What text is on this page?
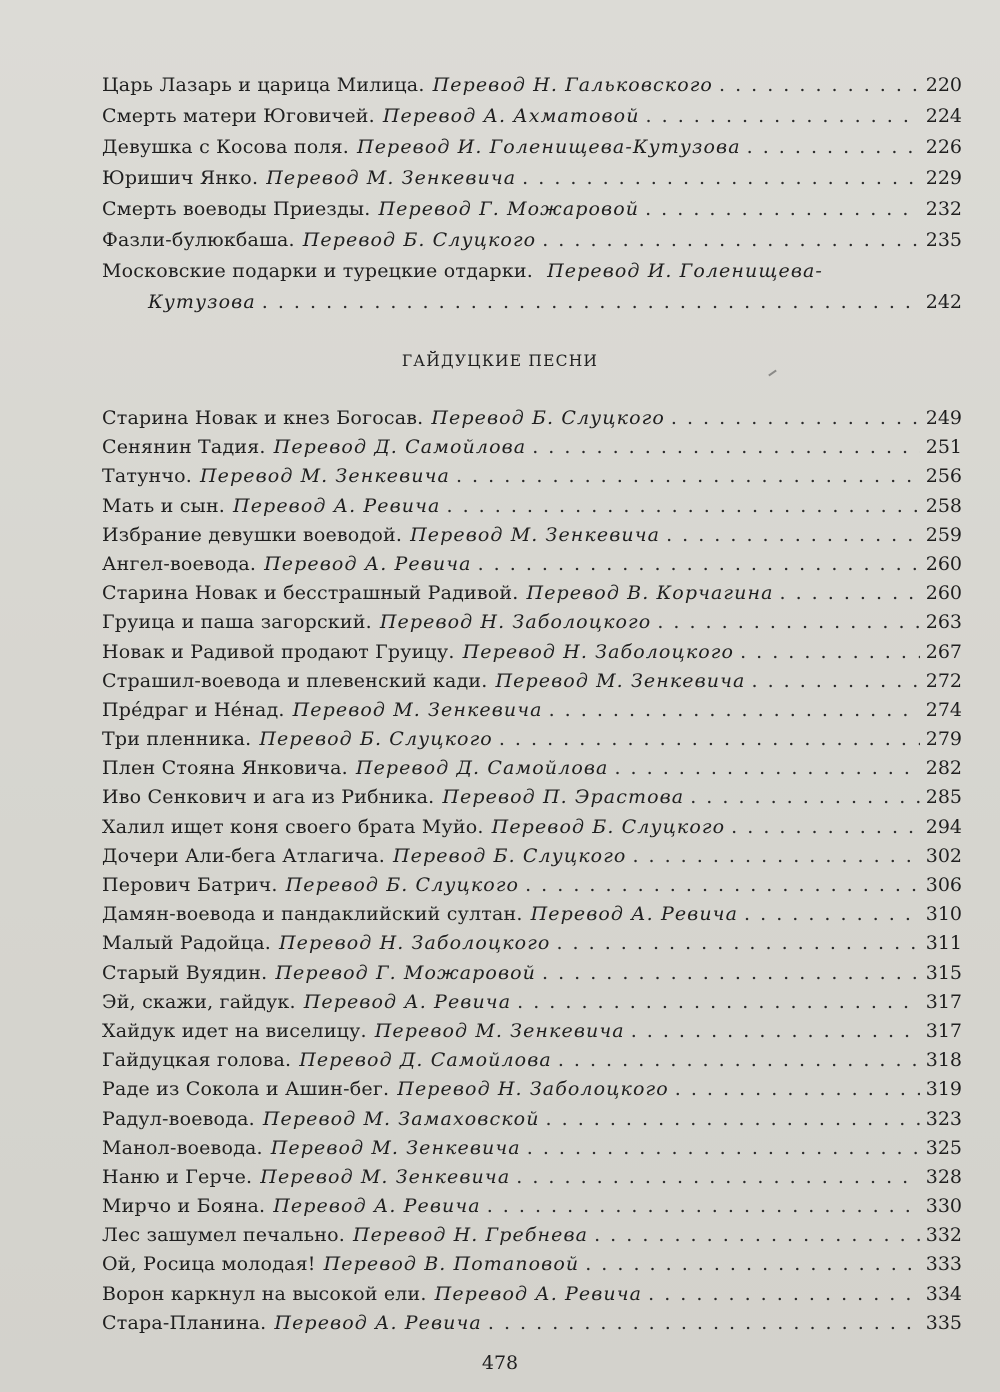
Царь Лазарь и царица Милица. Перевод Н. Гальковского . . .	220
Смерть матери Юговичей. Перевод А. Ахматовой . . .	224
Девушка с Косова поля. Перевод И. Голенищева-Кутузова . . .	226
Юришич Янко. Перевод М. Зенкевича . . .	229
Смерть воеводы Приезды. Перевод Г. Можаровой . . .	232
Фазли-булюкбаша. Перевод Б. Слуцкого . . .	235
Московские подарки и турецкие отдарки. Перевод И. Голенищева-
Кутузова . . .	242
ГАЙДУЦКИЕ ПЕСНИ
Старина Новак и кнез Богосав. Перевод Б. Слуцкого . . .	249
Сенянин Тадия. Перевод Д. Самойлова . . .	251
Татунчо. Перевод М. Зенкевича . . .	256
Мать и сын. Перевод А. Ревича . . .	258
Избрание девушки воеводой. Перевод М. Зенкевича . . .	259
Ангел-воевода. Перевод А. Ревича . . .	260
Старина Новак и бесстрашный Радивой. Перевод В. Корчагина . . .	260
Груица и паша загорский. Перевод Н. Заболоцкого . . .	263
Новак и Радивой продают Груицу. Перевод Н. Заболоцкого . . .	267
Страшил-воевода и плевенский кади. Перевод М. Зенкевича . . .	272
Пре́драг и Не́над. Перевод М. Зенкевича . . .	274
Три пленника. Перевод Б. Слуцкого . . .	279
Плен Стояна Янковича. Перевод Д. Самойлова . . .	282
Иво Сенкович и ага из Рибника. Перевод П. Эрастова . . .	285
Халил ищет коня своего брата Муйо. Перевод Б. Слуцкого . . .	294
Дочери Али-бега Атлагича. Перевод Б. Слуцкого . . .	302
Перович Батрич. Перевод Б. Слуцкого . . .	306
Дамян-воевода и пандаклийский султан. Перевод А. Ревича . . .	310
Малый Радойца. Перевод Н. Заболоцкого . . .	311
Старый Вуядин. Перевод Г. Можаровой . . .	315
Эй, скажи, гайдук. Перевод А. Ревича . . .	317
Хайдук идет на виселицу. Перевод М. Зенкевича . . .	317
Гайдуцкая голова. Перевод Д. Самойлова . . .	318
Раде из Сокола и Ашин-бег. Перевод Н. Заболоцкого . . .	319
Радул-воевода. Перевод М. Замаховской . . .	323
Манол-воевода. Перевод М. Зенкевича . . .	325
Наню и Герче. Перевод М. Зенкевича . . .	328
Мирчо и Бояна. Перевод А. Ревича . . .	330
Лес зашумел печально. Перевод Н. Гребнева . . .	332
Ой, Росица молодая! Перевод В. Потаповой . . .	333
Ворон каркнул на высокой ели. Перевод А. Ревича . . .	334
Стара-Планина. Перевод А. Ревича . . .	335
478
